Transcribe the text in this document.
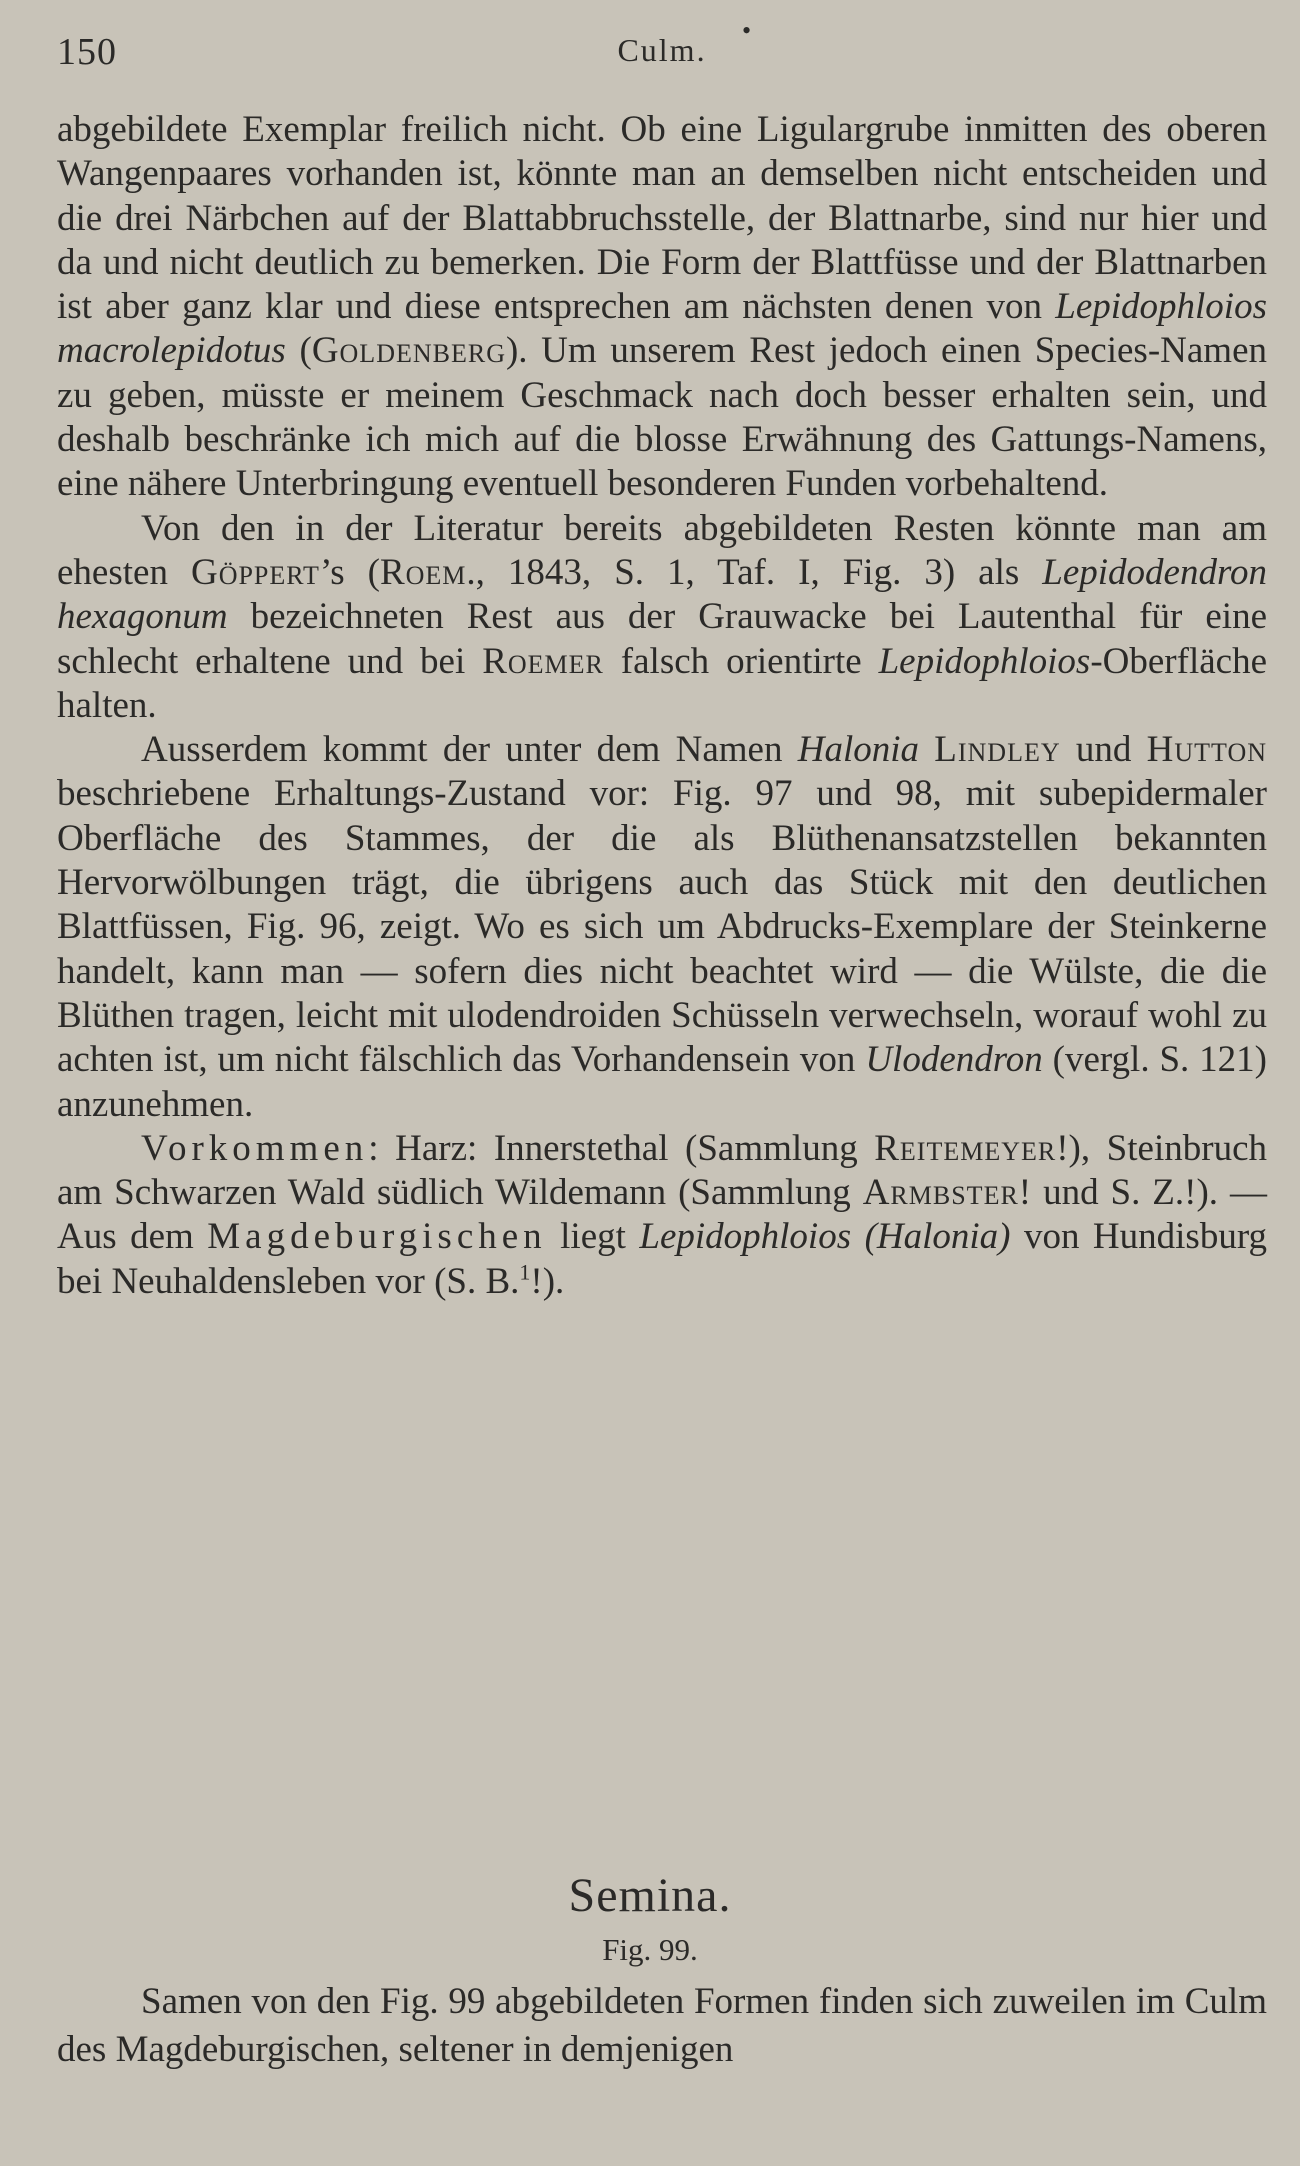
150
•
Culm.

abgebildete Exemplar freilich nicht. Ob eine Ligulargrube inmitten des oberen Wangenpaares vorhanden ist, könnte man an demselben nicht entscheiden und die drei Närbchen auf der Blattabbruchsstelle, der Blattnarbe, sind nur hier und da und nicht deutlich zu bemerken. Die Form der Blattfüsse und der Blattnarben ist aber ganz klar und diese entsprechen am nächsten denen von Lepidophloios macrolepidotus (Goldenberg). Um unserem Rest jedoch einen Species-Namen zu geben, müsste er meinem Geschmack nach doch besser erhalten sein, und deshalb beschränke ich mich auf die blosse Erwähnung des Gattungs-Namens, eine nähere Unterbringung eventuell besonderen Funden vorbehaltend.

Von den in der Literatur bereits abgebildeten Resten könnte man am ehesten Göppert’s (Roem., 1843, S. 1, Taf. I, Fig. 3) als Lepidodendron hexagonum bezeichneten Rest aus der Grauwacke bei Lautenthal für eine schlecht erhaltene und bei Roemer falsch orientirte Lepidophloios-Oberfläche halten.

Ausserdem kommt der unter dem Namen Halonia Lindley und Hutton beschriebene Erhaltungs-Zustand vor: Fig. 97 und 98, mit subepidermaler Oberfläche des Stammes, der die als Blüthenansatzstellen bekannten Hervorwölbungen trägt, die übrigens auch das Stück mit den deutlichen Blattfüssen, Fig. 96, zeigt. Wo es sich um Abdrucks-Exemplare der Steinkerne handelt, kann man — sofern dies nicht beachtet wird — die Wülste, die die Blüthen tragen, leicht mit ulodendroiden Schüsseln verwechseln, worauf wohl zu achten ist, um nicht fälschlich das Vorhandensein von Ulodendron (vergl. S. 121) anzunehmen.

Vorkommen: Harz: Innerstethal (Sammlung Reitemeyer!), Steinbruch am Schwarzen Wald südlich Wildemann (Sammlung Armbster! und S. Z.!). — Aus dem Magdeburgischen liegt Lepidophloios (Halonia) von Hundisburg bei Neuhaldensleben vor (S. B.$^1$!).

Semina.
Fig. 99.

Samen von den Fig. 99 abgebildeten Formen finden sich zuweilen im Culm des Magdeburgischen, seltener in demjenigen
